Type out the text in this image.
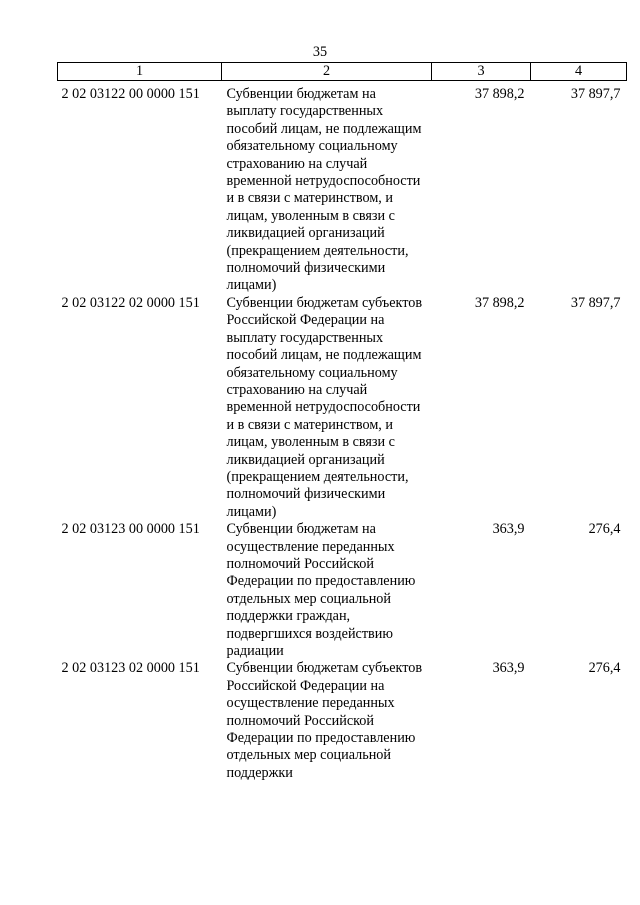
35
1	2	3	4
2 02 03122 00 0000 151	Субвенции бюджетам на выплату государственных пособий лицам, не подлежащим обязательному социальному страхованию на случай временной нетрудоспособности и в связи с материнством, и лицам, уволенным в связи с ликвидацией организаций (прекращением деятельности, полномочий физическими лицами)	37 898,2	37 897,7
2 02 03122 02 0000 151	Субвенции бюджетам субъектов Российской Федерации на выплату государственных пособий лицам, не подлежащим обязательному социальному страхованию на случай временной нетрудоспособности и в связи с материнством, и лицам, уволенным в связи с ликвидацией организаций (прекращением деятельности, полномочий физическими лицами)	37 898,2	37 897,7
2 02 03123 00 0000 151	Субвенции бюджетам на осуществление переданных полномочий Российской Федерации по предоставлению отдельных мер социальной поддержки граждан, подвергшихся воздействию радиации	363,9	276,4
2 02 03123 02 0000 151	Субвенции бюджетам субъектов Российской Федерации на осуществление переданных полномочий Российской Федерации по предоставлению отдельных мер социальной поддержки	363,9	276,4
